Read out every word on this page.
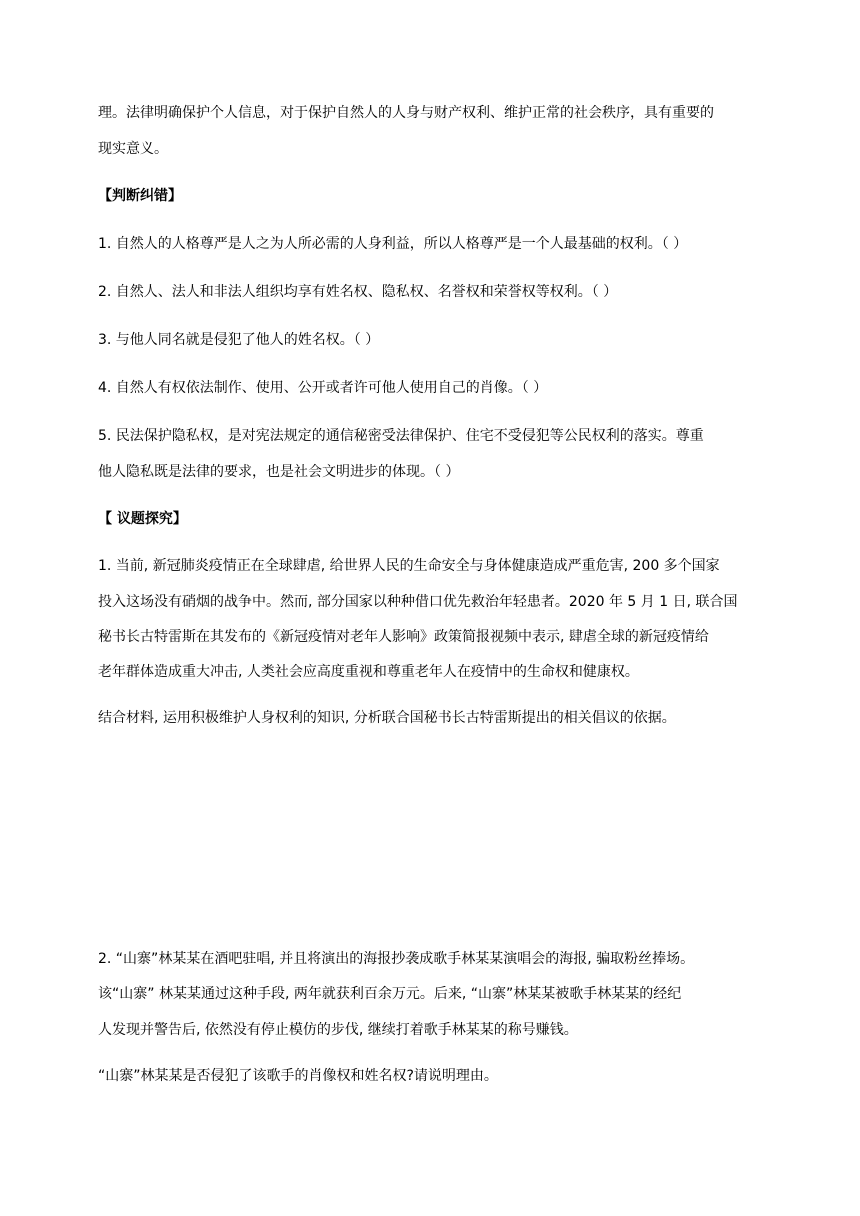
理。法律明确保护个人信息，对于保护自然人的人身与财产权利、维护正常的社会秩序，具有重要的
现实意义。
【判断纠错】
1. 自然人的人格尊严是人之为人所必需的人身利益，所以人格尊严是一个人最基础的权利。（ ）
2. 自然人、法人和非法人组织均享有姓名权、隐私权、名誉权和荣誉权等权利。（ ）
3. 与他人同名就是侵犯了他人的姓名权。（ ）
4. 自然人有权依法制作、使用、公开或者许可他人使用自己的肖像。（ ）
5. 民法保护隐私权，是对宪法规定的通信秘密受法律保护、住宅不受侵犯等公民权利的落实。尊重
他人隐私既是法律的要求，也是社会文明进步的体现。（ ）
【 议题探究】
1. 当前, 新冠肺炎疫情正在全球肆虐, 给世界人民的生命安全与身体健康造成严重危害, 200 多个国家
投入这场没有硝烟的战争中。然而, 部分国家以种种借口优先救治年轻患者。2020 年 5 月 1 日, 联合国
秘书长古特雷斯在其发布的《新冠疫情对老年人影响》政策简报视频中表示, 肆虐全球的新冠疫情给
老年群体造成重大冲击, 人类社会应高度重视和尊重老年人在疫情中的生命权和健康权。
结合材料, 运用积极维护人身权利的知识, 分析联合国秘书长古特雷斯提出的相关倡议的依据。
2. “山寨”林某某在酒吧驻唱, 并且将演出的海报抄袭成歌手林某某演唱会的海报, 骗取粉丝捧场。
该“山寨” 林某某通过这种手段, 两年就获利百余万元。后来, “山寨”林某某被歌手林某某的经纪
人发现并警告后, 依然没有停止模仿的步伐, 继续打着歌手林某某的称号赚钱。
“山寨”林某某是否侵犯了该歌手的肖像权和姓名权?请说明理由。
